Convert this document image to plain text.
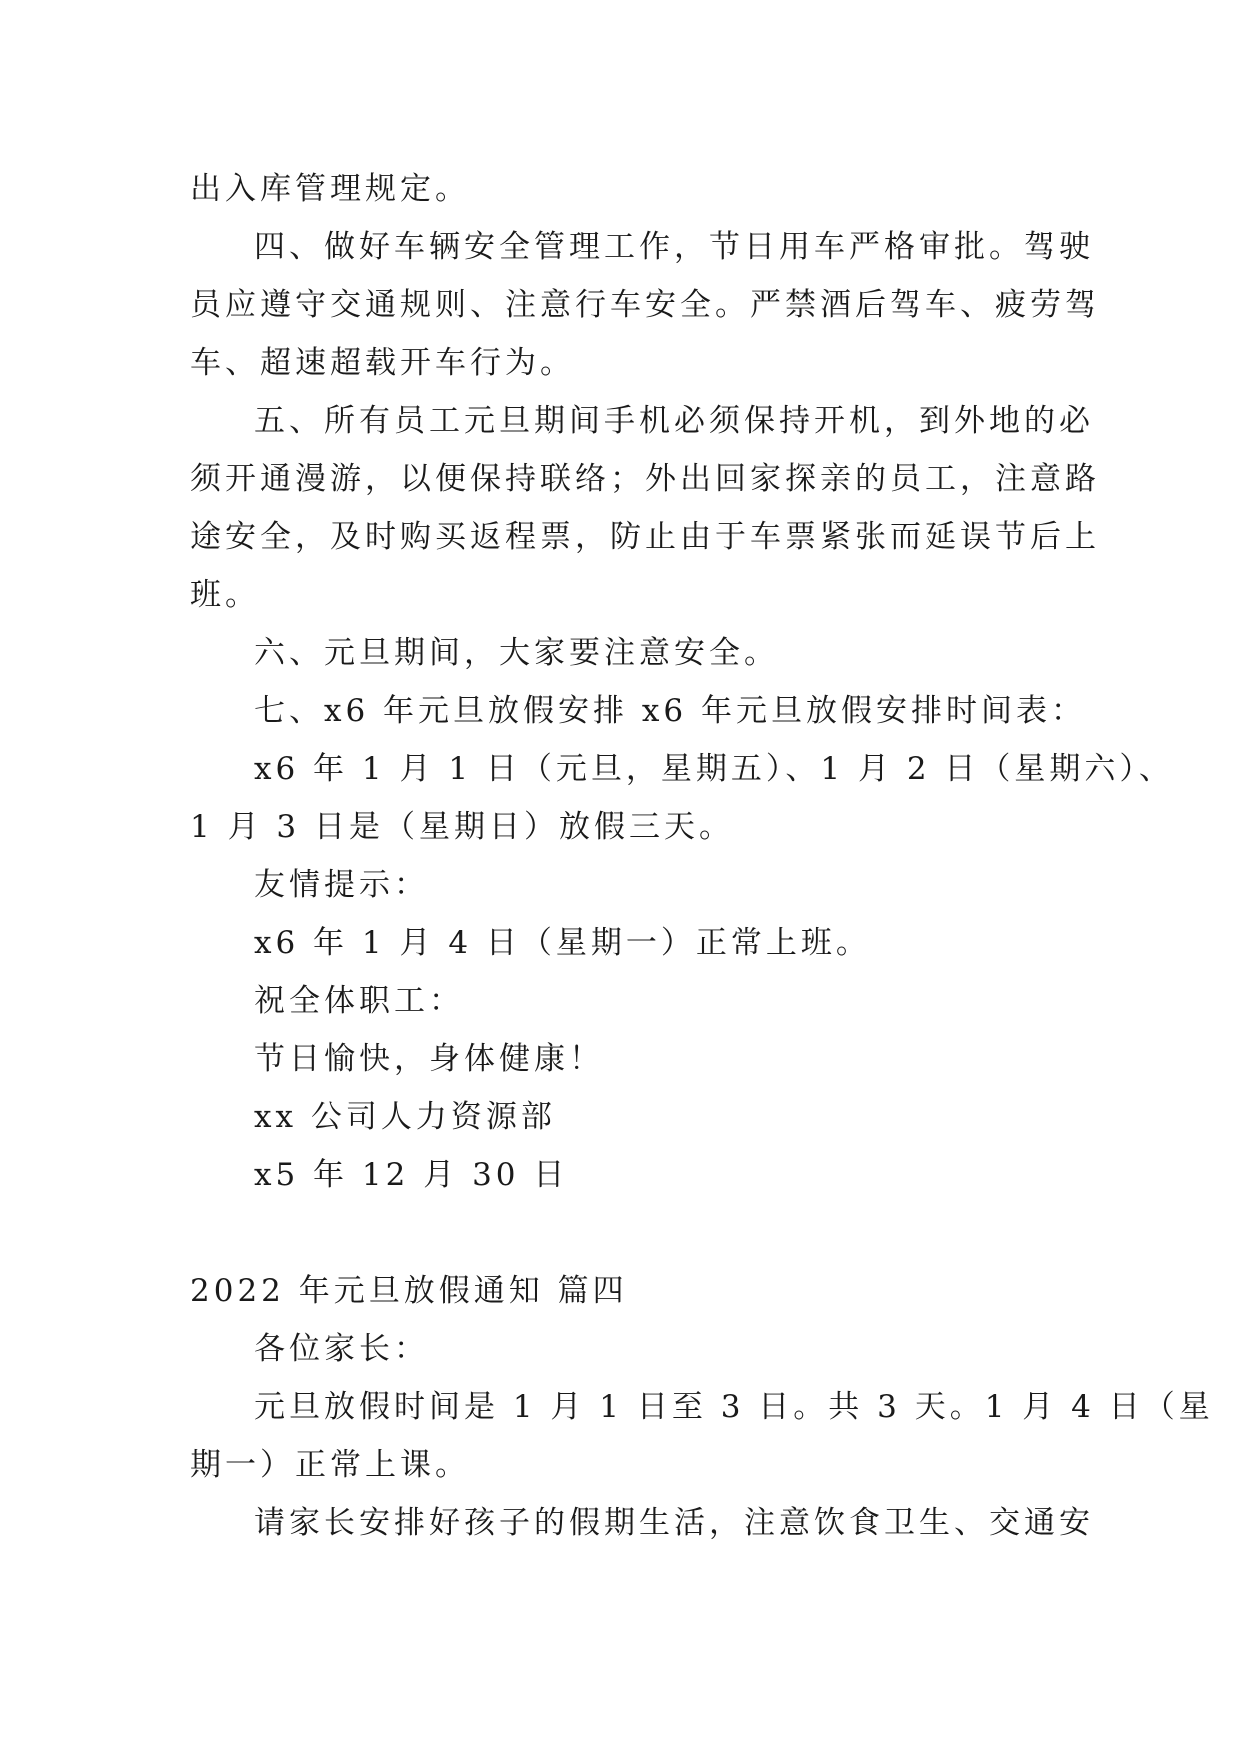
出入库管理规定。
四、做好车辆安全管理工作，节日用车严格审批。驾驶
员应遵守交通规则、注意行车安全。严禁酒后驾车、疲劳驾
车、超速超载开车行为。
五、所有员工元旦期间手机必须保持开机，到外地的必
须开通漫游，以便保持联络；外出回家探亲的员工，注意路
途安全，及时购买返程票，防止由于车票紧张而延误节后上
班。
六、元旦期间，大家要注意安全。
七、x6 年元旦放假安排 x6 年元旦放假安排时间表：
x6 年 1 月 1 日（元旦，星期五）、1 月 2 日（星期六）、
1 月 3 日是（星期日）放假三天。
友情提示：
x6 年 1 月 4 日（星期一）正常上班。
祝全体职工：
节日愉快，身体健康！
xx 公司人力资源部
x5 年 12 月 30 日
2022 年元旦放假通知 篇四
各位家长：
元旦放假时间是 1 月 1 日至 3 日。共 3 天。1 月 4 日（星
期一）正常上课。
请家长安排好孩子的假期生活，注意饮食卫生、交通安
